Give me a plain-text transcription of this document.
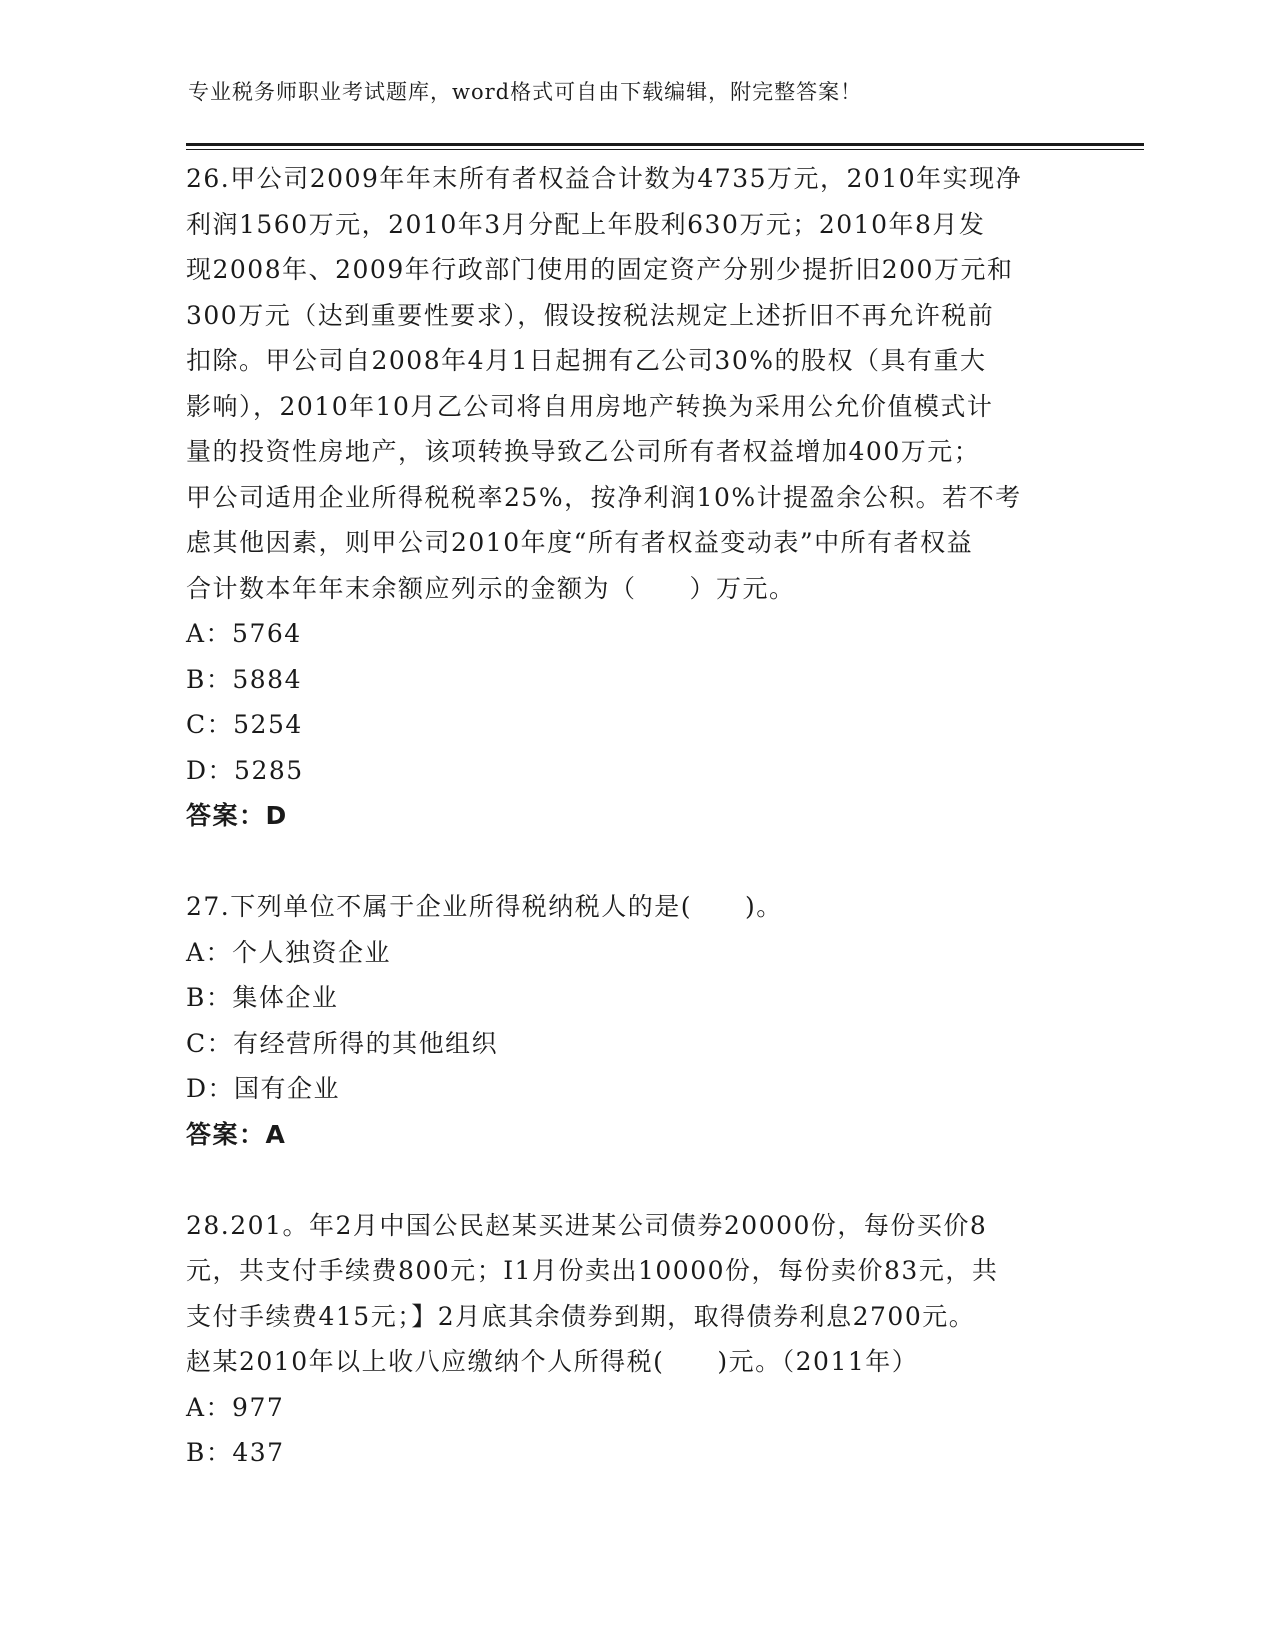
专业税务师职业考试题库，word格式可自由下载编辑，附完整答案！

26.甲公司2009年年末所有者权益合计数为4735万元，2010年实现净

利润1560万元，2010年3月分配上年股利630万元；2010年8月发

现2008年、2009年行政部门使用的固定资产分别少提折旧200万元和

300万元（达到重要性要求），假设按税法规定上述折旧不再允许税前

扣除。甲公司自2008年4月1日起拥有乙公司30%的股权（具有重大

影响），2010年10月乙公司将自用房地产转换为采用公允价值模式计

量的投资性房地产，该项转换导致乙公司所有者权益增加400万元；

甲公司适用企业所得税税率25%，按净利润10%计提盈余公积。若不考

虑其他因素，则甲公司2010年度“所有者权益变动表”中所有者权益

合计数本年年末余额应列示的金额为（　　）万元。

A：5764

B：5884

C：5254

D：5285

答案：D

27.下列单位不属于企业所得税纳税人的是(　　)。

A：个人独资企业

B：集体企业

C：有经营所得的其他组织

D：国有企业

答案：A

28.201。年2月中国公民赵某买进某公司债券20000份，每份买价8

元，共支付手续费800元；I1月份卖出10000份，每份卖价83元，共

支付手续费415元；】2月底其余债券到期，取得债券利息2700元。

赵某2010年以上收八应缴纳个人所得税(　　)元。（2011年）

A：977

B：437
